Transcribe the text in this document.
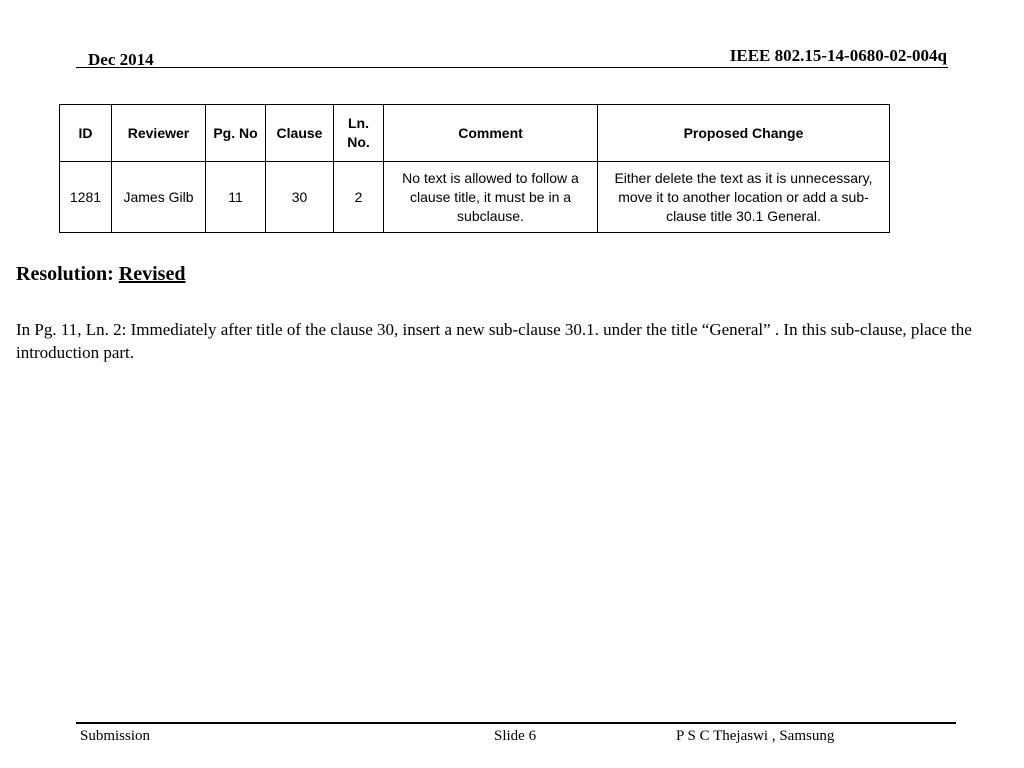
Dec 2014	IEEE 802.15-14-0680-02-004q
ID	Reviewer	Pg. No	Clause	Ln. No.	Comment	Proposed Change
1281	James Gilb	11	30	2	No text is allowed to follow a clause title, it must be in a subclause.	Either delete the text as it is unnecessary, move it to another location or add a sub-clause title 30.1 General.
Resolution: Revised

In Pg. 11, Ln. 2: Immediately after title of the clause 30, insert a new sub-clause 30.1. under the title “General” . In this sub-clause, place the introduction part.

Submission	Slide 6	P S C Thejaswi , Samsung
